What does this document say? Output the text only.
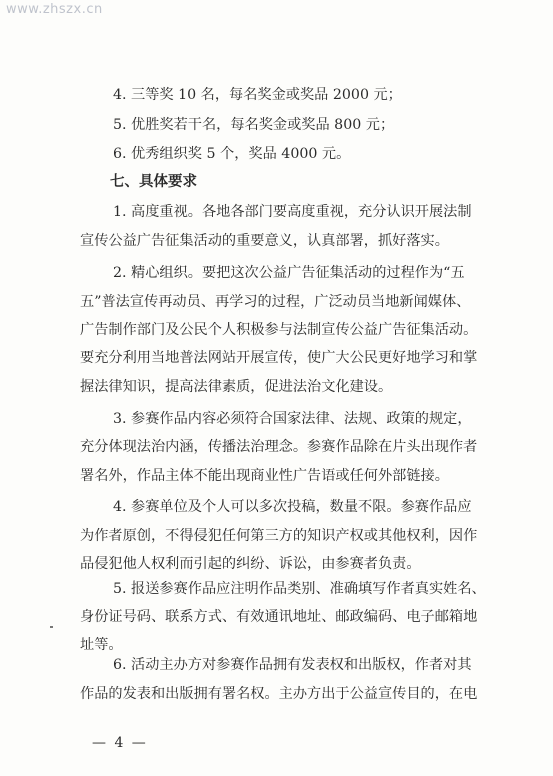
www.zhszx.cn
4. 三等奖 10 名，每名奖金或奖品 2000 元；
5. 优胜奖若干名，每名奖金或奖品 800 元；
6. 优秀组织奖 5 个，奖品 4000 元。
七、具体要求
1. 高度重视。各地各部门要高度重视，充分认识开展法制
宣传公益广告征集活动的重要意义，认真部署，抓好落实。
2. 精心组织。要把这次公益广告征集活动的过程作为“五
五”普法宣传再动员、再学习的过程，广泛动员当地新闻媒体、
广告制作部门及公民个人积极参与法制宣传公益广告征集活动。
要充分利用当地普法网站开展宣传，使广大公民更好地学习和掌
握法律知识，提高法律素质，促进法治文化建设。
3. 参赛作品内容必须符合国家法律、法规、政策的规定，
充分体现法治内涵，传播法治理念。参赛作品除在片头出现作者
署名外，作品主体不能出现商业性广告语或任何外部链接。
4. 参赛单位及个人可以多次投稿，数量不限。参赛作品应
为作者原创，不得侵犯任何第三方的知识产权或其他权利，因作
品侵犯他人权利而引起的纠纷、诉讼，由参赛者负责。
5. 报送参赛作品应注明作品类别、准确填写作者真实姓名、
身份证号码、联系方式、有效通讯地址、邮政编码、电子邮箱地
址等。
6. 活动主办方对参赛作品拥有发表权和出版权，作者对其
作品的发表和出版拥有署名权。主办方出于公益宣传目的，在电
— 4 —
